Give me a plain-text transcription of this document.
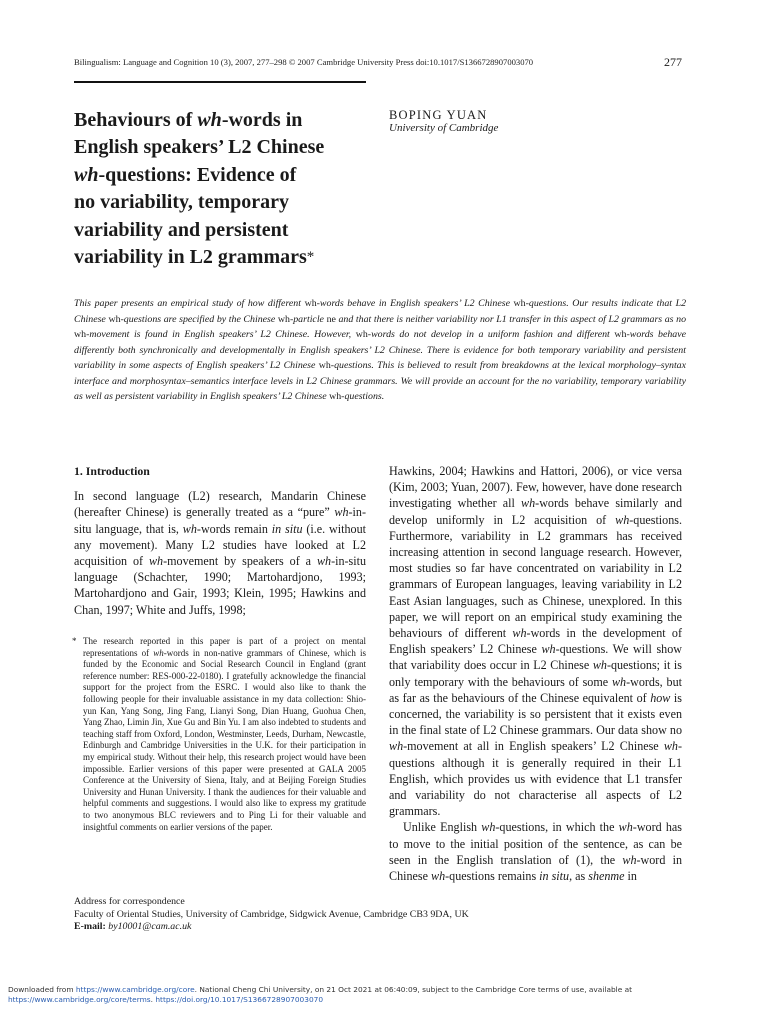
Bilingualism: Language and Cognition 10 (3), 2007, 277–298 © 2007 Cambridge University Press doi:10.1017/S1366728907003070	277
Behaviours of wh-words in
English speakers’ L2 Chinese
wh-questions: Evidence of
no variability, temporary
variability and persistent
variability in L2 grammars*
BOPING YUAN
University of Cambridge
This paper presents an empirical study of how different wh-words behave in English speakers’ L2 Chinese wh-questions. Our results indicate that L2 Chinese wh-questions are specified by the Chinese wh-particle ne and that there is neither variability nor L1 transfer in this aspect of L2 grammars as no wh-movement is found in English speakers’ L2 Chinese. However, wh-words do not develop in a uniform fashion and different wh-words behave differently both synchronically and developmentally in English speakers’ L2 Chinese. There is evidence for both temporary variability and persistent variability in some aspects of English speakers’ L2 Chinese wh-questions. This is believed to result from breakdowns at the lexical morphology–syntax interface and morphosyntax–semantics interface levels in L2 Chinese grammars. We will provide an account for the no variability, temporary variability as well as persistent variability in English speakers’ L2 Chinese wh-questions.

1. Introduction

In second language (L2) research, Mandarin Chinese (hereafter Chinese) is generally treated as a “pure” wh-in-situ language, that is, wh-words remain in situ (i.e. without any movement). Many L2 studies have looked at L2 acquisition of wh-movement by speakers of a wh-in-situ language (Schachter, 1990; Martohardjono, 1993; Martohardjono and Gair, 1993; Klein, 1995; Hawkins and Chan, 1997; White and Juffs, 1998;

Hawkins, 2004; Hawkins and Hattori, 2006), or vice versa (Kim, 2003; Yuan, 2007). Few, however, have done research investigating whether all wh-words behave similarly and develop uniformly in L2 acquisition of wh-questions. Furthermore, variability in L2 grammars has received increasing attention in second language research. However, most studies so far have concentrated on variability in L2 grammars of European languages, leaving variability in L2 East Asian languages, such as Chinese, unexplored. In this paper, we will report on an empirical study examining the behaviours of different wh-words in the development of English speakers’ L2 Chinese wh-questions. We will show that variability does occur in L2 Chinese wh-questions; it is only temporary with the behaviours of some wh-words, but as far as the behaviours of the Chinese equivalent of how is concerned, the variability is so persistent that it exists even in the final state of L2 Chinese grammars. Our data show no wh-movement at all in English speakers’ L2 Chinese wh-questions although it is generally required in their L1 English, which provides us with evidence that L1 transfer and variability do not characterise all aspects of L2 grammars.

Unlike English wh-questions, in which the wh-word has to move to the initial position of the sentence, as can be seen in the English translation of (1), the wh-word in Chinese wh-questions remains in situ, as shenme in

* The research reported in this paper is part of a project on mental representations of wh-words in non-native grammars of Chinese, which is funded by the Economic and Social Research Council in England (grant reference number: RES-000-22-0180). I gratefully acknowledge the financial support for the project from the ESRC. I would also like to thank the following people for their invaluable assistance in my data collection: Shio-yun Kan, Yang Song, Jing Fang, Lianyi Song, Dian Huang, Guohua Chen, Yang Zhao, Limin Jin, Xue Gu and Bin Yu. I am also indebted to students and teaching staff from Oxford, London, Westminster, Leeds, Durham, Newcastle, Edinburgh and Cambridge Universities in the U.K. for their participation in my empirical study. Without their help, this research project would have been impossible. Earlier versions of this paper were presented at GALA 2005 Conference at the University of Siena, Italy, and at Beijing Foreign Studies University and Hunan University. I thank the audiences for their valuable and helpful comments and suggestions. I would also like to express my gratitude to two anonymous BLC reviewers and to Ping Li for their valuable and insightful comments on earlier versions of the paper.
Address for correspondence
Faculty of Oriental Studies, University of Cambridge, Sidgwick Avenue, Cambridge CB3 9DA, UK
E-mail: by10001@cam.ac.uk
Downloaded from https://www.cambridge.org/core. National Cheng Chi University, on 21 Oct 2021 at 06:40:09, subject to the Cambridge Core terms of use, available at
https://www.cambridge.org/core/terms. https://doi.org/10.1017/S1366728907003070
